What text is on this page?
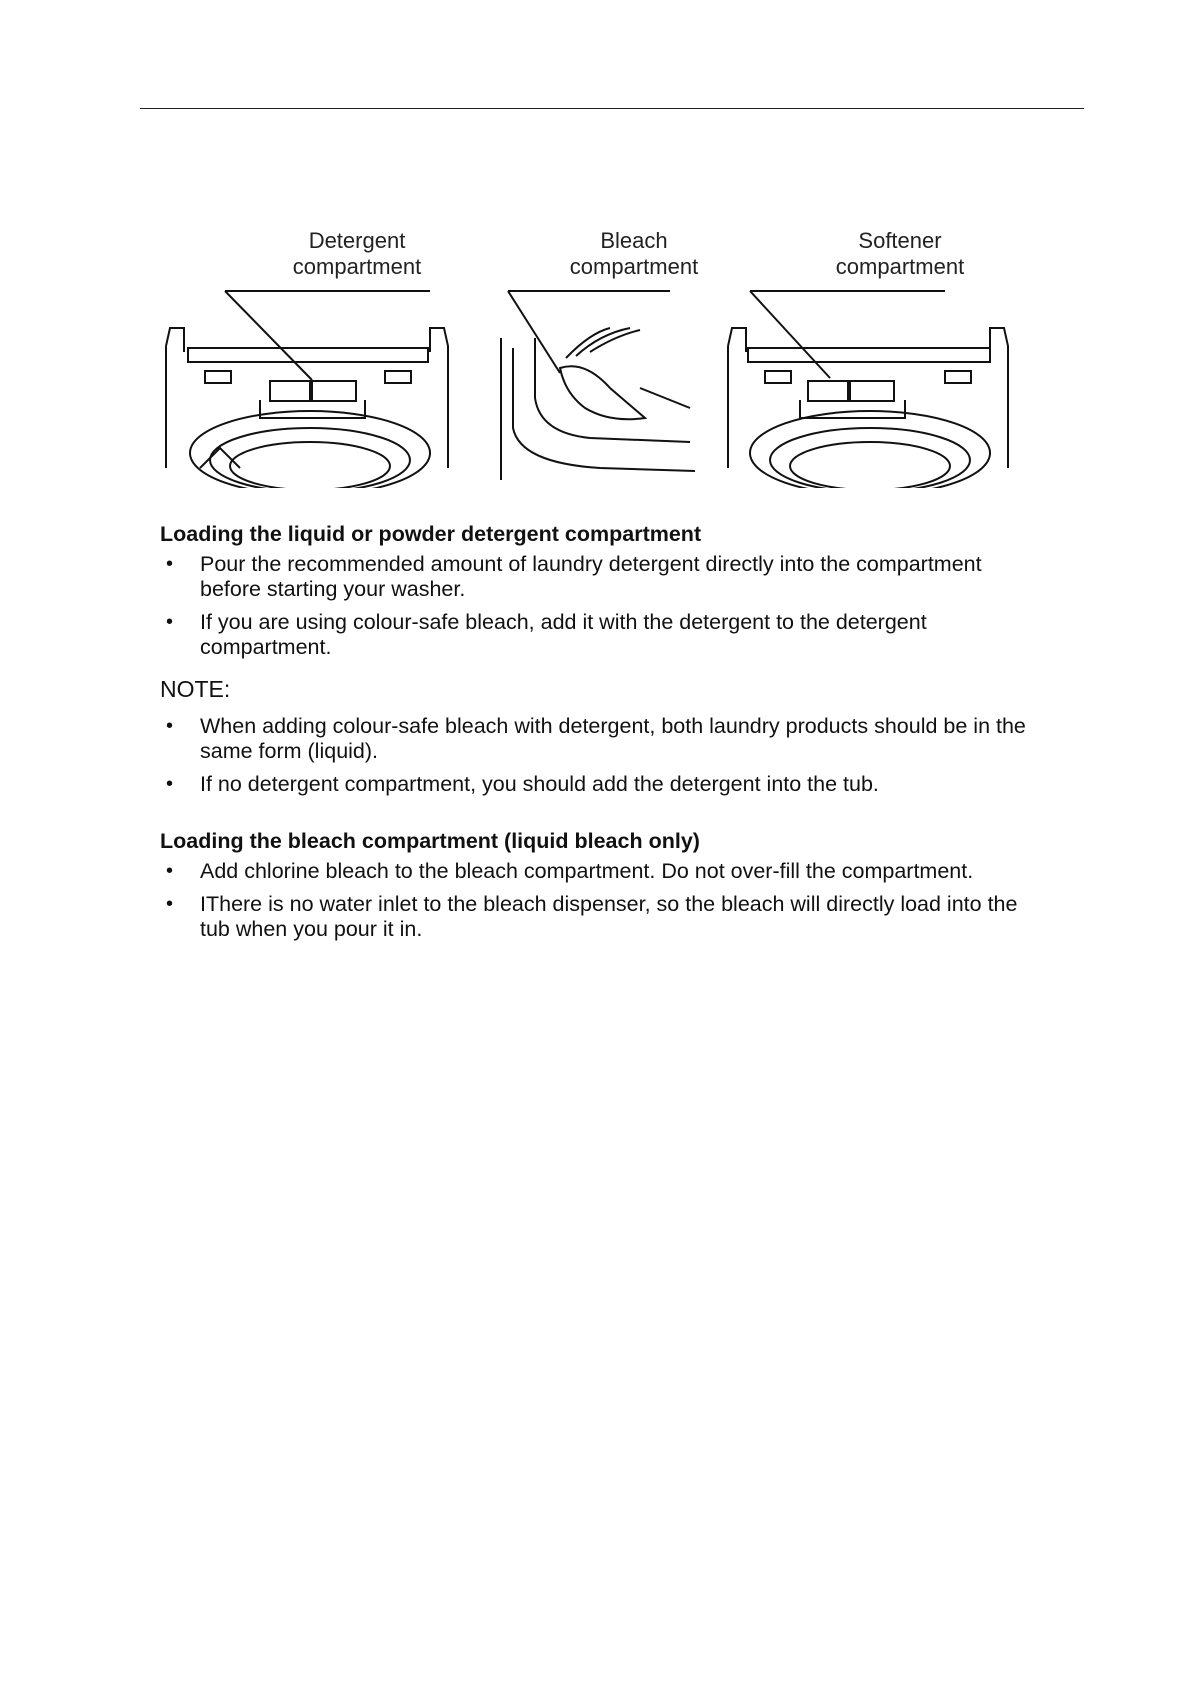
Detergent
compartment
Bleach
compartment
Softener
compartment
Loading the liquid or powder detergent compartment
• Pour the recommended amount of laundry detergent directly into the compartment before starting your washer.
• If you are using colour-safe bleach, add it with the detergent to the detergent compartment.
NOTE:
• When adding colour-safe bleach with detergent, both laundry products should be in the same form (liquid).
• If no detergent compartment, you should add the detergent into the tub.
Loading the bleach compartment (liquid bleach only)
• Add chlorine bleach to the bleach compartment. Do not over-fill the compartment.
• IThere is no water inlet to the bleach dispenser, so the bleach will directly load into the tub when you pour it in.
